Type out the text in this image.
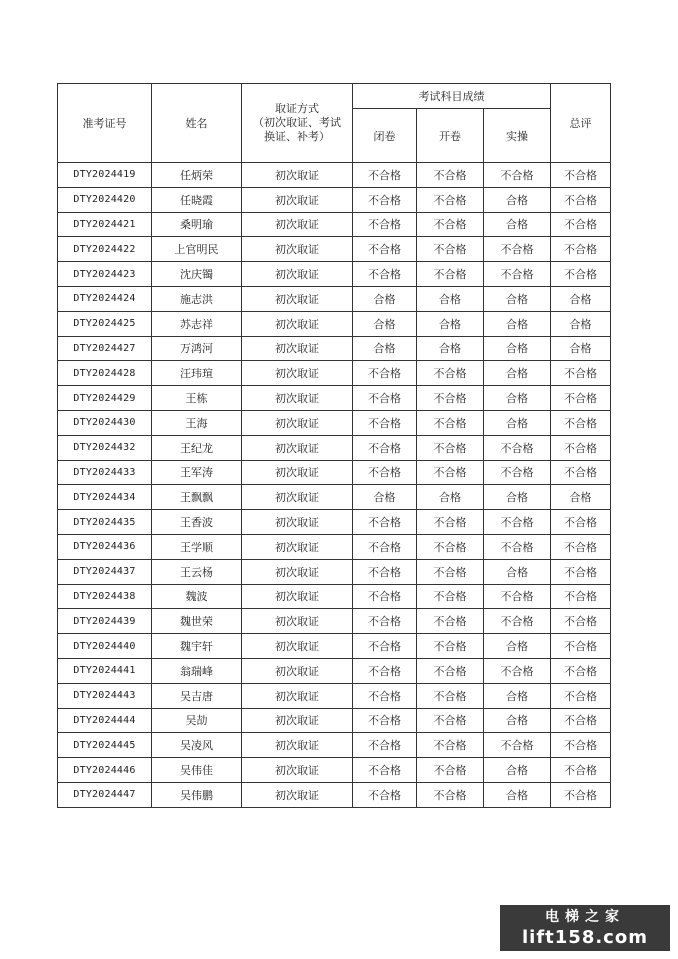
准考证号	姓名	取证方式
（初次取证、考试换证、补考）	考试科目成绩			总评
			闭卷	开卷	实操	
DTY2024419	任炳荣	初次取证	不合格	不合格	不合格	不合格
DTY2024420	任晓霞	初次取证	不合格	不合格	合格	不合格
DTY2024421	桑明瑜	初次取证	不合格	不合格	合格	不合格
DTY2024422	上官明民	初次取证	不合格	不合格	不合格	不合格
DTY2024423	沈庆镯	初次取证	不合格	不合格	不合格	不合格
DTY2024424	施志洪	初次取证	合格	合格	合格	合格
DTY2024425	苏志祥	初次取证	合格	合格	合格	合格
DTY2024427	万鸿河	初次取证	合格	合格	合格	合格
DTY2024428	汪玮瑄	初次取证	不合格	不合格	合格	不合格
DTY2024429	王栋	初次取证	不合格	不合格	合格	不合格
DTY2024430	王海	初次取证	不合格	不合格	合格	不合格
DTY2024432	王纪龙	初次取证	不合格	不合格	不合格	不合格
DTY2024433	王军涛	初次取证	不合格	不合格	不合格	不合格
DTY2024434	王飘飘	初次取证	合格	合格	合格	合格
DTY2024435	王香波	初次取证	不合格	不合格	不合格	不合格
DTY2024436	王学顺	初次取证	不合格	不合格	不合格	不合格
DTY2024437	王云杨	初次取证	不合格	不合格	合格	不合格
DTY2024438	魏波	初次取证	不合格	不合格	不合格	不合格
DTY2024439	魏世荣	初次取证	不合格	不合格	不合格	不合格
DTY2024440	魏宇轩	初次取证	不合格	不合格	合格	不合格
DTY2024441	翁瑞峰	初次取证	不合格	不合格	不合格	不合格
DTY2024443	吴吉唐	初次取证	不合格	不合格	合格	不合格
DTY2024444	吴劼	初次取证	不合格	不合格	合格	不合格
DTY2024445	吴凌风	初次取证	不合格	不合格	不合格	不合格
DTY2024446	吴伟佳	初次取证	不合格	不合格	合格	不合格
DTY2024447	吴伟鹏	初次取证	不合格	不合格	合格	不合格
电梯之家
lift158.com
